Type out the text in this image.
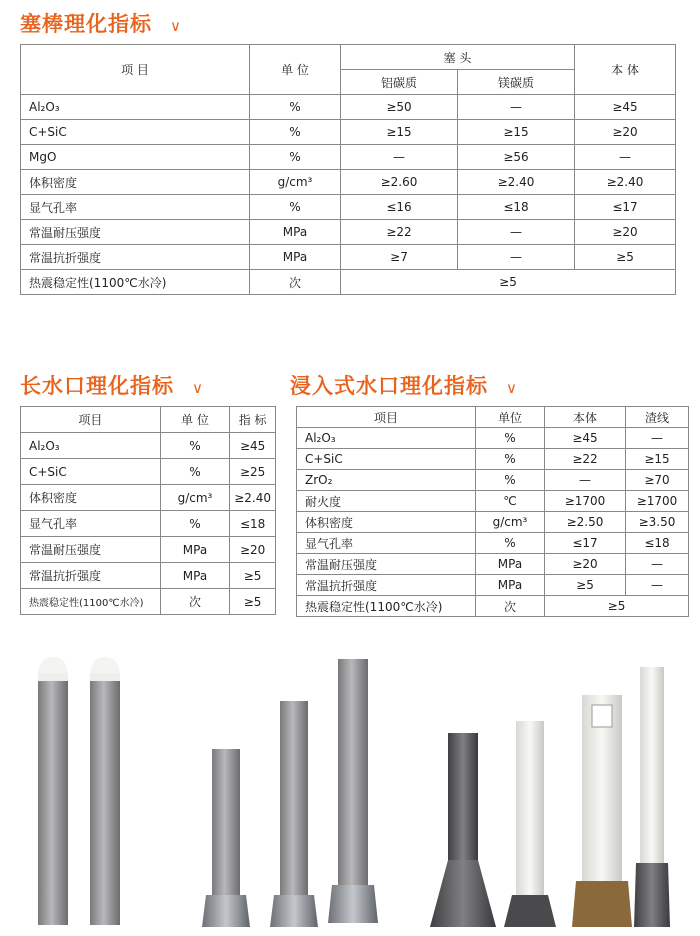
塞棒理化指标 ∨
项 目	单 位	塞 头		本 体
		铝碳质	镁碳质	
Al₂O₃	%	≥50	—	≥45
C+SiC	%	≥15	≥15	≥20
MgO	%	—	≥56	—
体积密度	g/cm³	≥2.60	≥2.40	≥2.40
显气孔率	%	≤16	≤18	≤17
常温耐压强度	MPa	≥22	—	≥20
常温抗折强度	MPa	≥7	—	≥5
热震稳定性(1100℃水冷)	次	≥5		
长水口理化指标 ∨
项目	单 位	指 标
Al₂O₃	%	≥45
C+SiC	%	≥25
体积密度	g/cm³	≥2.40
显气孔率	%	≤18
常温耐压强度	MPa	≥20
常温抗折强度	MPa	≥5
热震稳定性(1100℃水冷)	次	≥5
浸入式水口理化指标 ∨
项目	单位	本体	渣线
Al₂O₃	%	≥45	—
C+SiC	%	≥22	≥15
ZrO₂	%	—	≥70
耐火度	℃	≥1700	≥1700
体积密度	g/cm³	≥2.50	≥3.50
显气孔率	%	≤17	≤18
常温耐压强度	MPa	≥20	—
常温抗折强度	MPa	≥5	—
热震稳定性(1100℃水冷)	次	≥5	
